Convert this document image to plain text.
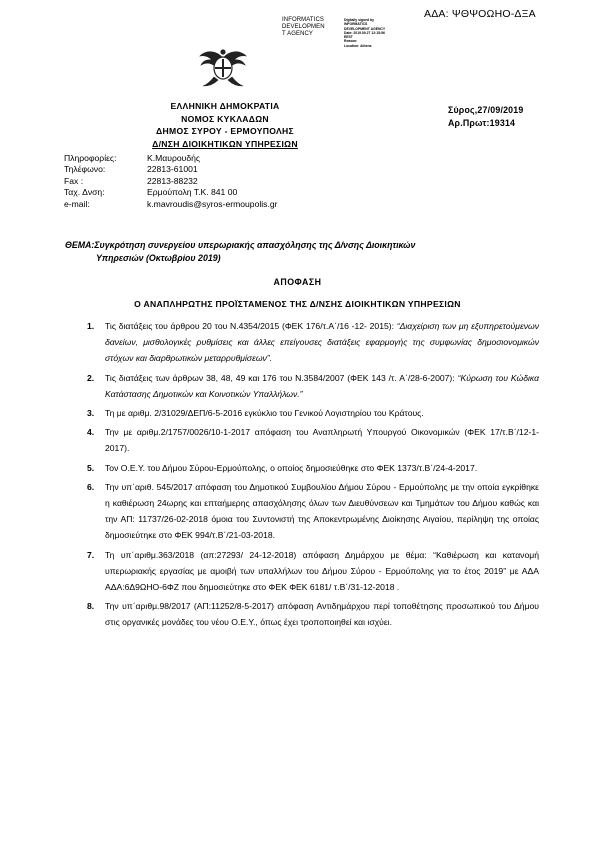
ΑΔΑ: ΨΘΨΟΩΗΟ-ΔΞΑ
INFORMATICS
DEVELOPMEN
T AGENCY
Digitally signed by
INFORMATICS
DEVELOPMENT AGENCY
Date: 2019.09.27 12:15:56
EEST
Reason:
Location: Athens
ΕΛΛΗΝΙΚΗ ΔΗΜΟΚΡΑΤΙΑ
ΝΟΜΟΣ ΚΥΚΛΑΔΩΝ
ΔΗΜΟΣ ΣΥΡΟΥ - ΕΡΜΟΥΠΟΛΗΣ
Δ/ΝΣΗ ΔΙΟΙΚΗΤΙΚΩΝ ΥΠΗΡΕΣΙΩΝ
Σύρος,27/09/2019
Αρ.Πρωτ:19314
Πληροφορίες:	Κ.Μαυρουδής
Τηλέφωνο:	22813-61001
Fax :	22813-88232
Ταχ. Δνση:	Ερμούπολη Τ.Κ. 841 00
e-mail:	k.mavroudis@syros-ermoupolis.gr
ΘΕΜΑ:Συγκρότηση συνεργείου υπερωριακής απασχόλησης της Δ/νσης Διοικητικών
Υπηρεσιών (Οκτωβρίου 2019)
ΑΠΟΦΑΣΗ
Ο ΑΝΑΠΛΗΡΩΤΗΣ ΠΡΟΪΣΤΑΜΕΝΟΣ ΤΗΣ Δ/ΝΣΗΣ ΔΙΟΙΚΗΤΙΚΩΝ ΥΠΗΡΕΣΙΩΝ
1. Τις διατάξεις του άρθρου 20 του Ν.4354/2015 (ΦΕΚ 176/τ.Α΄/16 -12- 2015): “Διαχείριση των μη εξυπηρετούμενων δανείων, μισθολογικές ρυθμίσεις και άλλες επείγουσες διατάξεις εφαρμογής της συμφωνίας δημοσιονομικών στόχων και διαρθρωτικών μεταρρυθμίσεων”.
2. Τις διατάξεις των άρθρων 38, 48, 49 και 176 του Ν.3584/2007 (ΦΕΚ 143 /τ. Α΄/28-6-2007): “Κύρωση του Κώδικα Κατάστασης Δημοτικών και Κοινοτικών Υπαλλήλων.”
3. Τη με αριθμ. 2/31029/ΔΕΠ/6-5-2016 εγκύκλιο του Γενικού Λογιστηρίου του Κράτους.
4. Την με αριθμ.2/1757/0026/10-1-2017 απόφαση του Αναπληρωτή Υπουργού Οικονομικών (ΦΕΚ 17/τ.Β΄/12-1-2017).
5. Τον Ο.Ε.Υ. του Δήμου Σύρου-Ερμούπολης, ο οποίος δημοσιεύθηκε στο ΦΕΚ 1373/τ.Β΄/24-4-2017.
6. Την υπ΄αριθ. 545/2017 απόφαση του Δημοτικού Συμβουλίου Δήμου Σύρου - Ερμούπολης με την οποία εγκρίθηκε η καθιέρωση 24ωρης και επταήμερης απασχόλησης όλων των Διευθύνσεων και Τμημάτων του Δήμου καθώς και την ΑΠ: 11737/26-02-2018 όμοια του Συντονιστή της Αποκεντρωμένης Διοίκησης Αιγαίου, περίληψη της οποίας δημοσιεύτηκε στο ΦΕΚ 994/τ.Β΄/21-03-2018.
7. Τη υπ΄αριθμ.363/2018 (απ:27293/ 24-12-2018) απόφαση Δημάρχου με θέμα: “Καθιέρωση και κατανομή υπερωριακής εργασίας με αμοιβή των υπαλλήλων του Δήμου Σύρου - Ερμούπολης για το έτος 2019” με ΑΔΑ ΑΔΑ:6Δ9ΩΗΟ-6ΦΖ που δημοσιεύτηκε στο ΦΕΚ ΦΕΚ 6181/ τ.Β΄/31-12-2018 .
8. Την υπ΄αριθμ.98/2017 (ΑΠ:11252/8-5-2017) απόφαση Αντιδημάρχου περί τοποθέτησης προσωπικού του Δήμου στις οργανικές μονάδες του νέου Ο.Ε.Υ., όπως έχει τροποποιηθεί και ισχύει.
